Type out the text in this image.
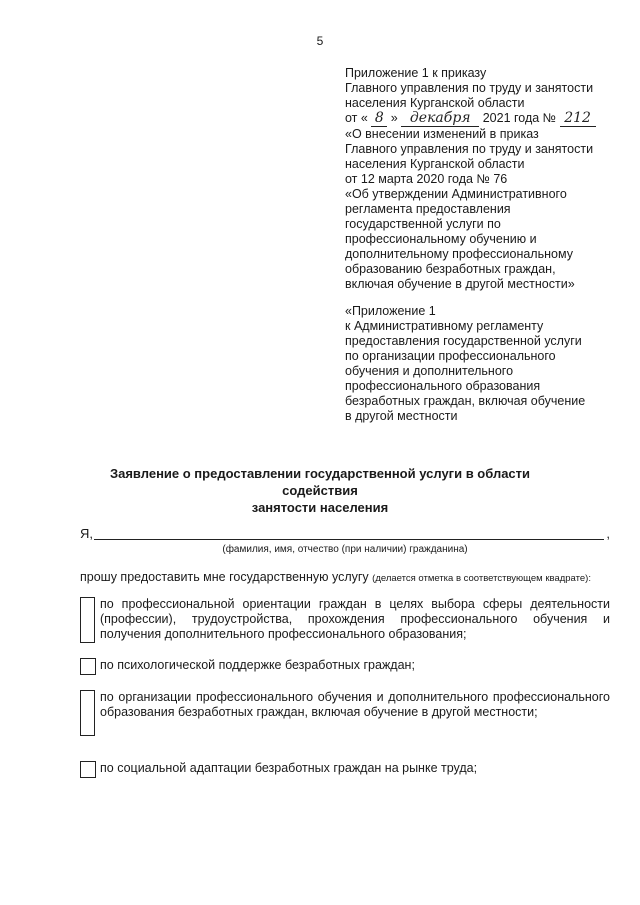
5
Приложение 1 к приказу
Главного управления по труду и занятости
населения Курганской области
от « 8 » декабря 2021 года № 212
«О внесении изменений в приказ
Главного управления по труду и занятости
населения Курганской области
от 12 марта 2020 года № 76
«Об утверждении Административного
регламента предоставления
государственной услуги по
профессиональному обучению и
дополнительному профессиональному
образованию безработных граждан,
включая обучение в другой местности»
«Приложение 1
к Административному регламенту
предоставления государственной услуги
по организации профессионального
обучения и дополнительного
профессионального образования
безработных граждан, включая обучение
в другой местности
Заявление о предоставлении государственной услуги в области содействия
занятости населения
Я,	,
(фамилия, имя, отчество (при наличии) гражданина)
прошу предоставить мне государственную услугу (делается отметка в соответствующем квадрате):
по профессиональной ориентации граждан в целях выбора сферы деятельности (профессии), трудоустройства, прохождения профессионального обучения и получения дополнительного профессионального образования;
по психологической поддержке безработных граждан;
по организации профессионального обучения и дополнительного профессионального образования безработных граждан, включая обучение в другой местности;
по социальной адаптации безработных граждан на рынке труда;
